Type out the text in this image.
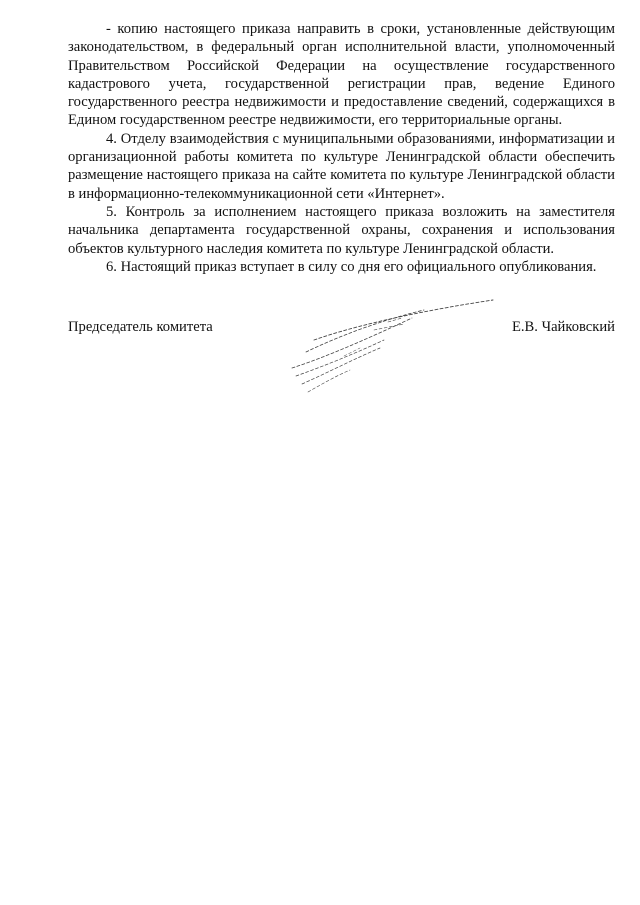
- копию настоящего приказа направить в сроки, установленные действующим законодательством, в федеральный орган исполнительной власти, уполномоченный Правительством Российской Федерации на осуществление государственного кадастрового учета, государственной регистрации прав, ведение Единого государственного реестра недвижимости и предоставление сведений, содержащихся в Едином государственном реестре недвижимости, его территориальные органы.

4. Отделу взаимодействия с муниципальными образованиями, информатизации и организационной работы комитета по культуре Ленинградской области обеспечить размещение настоящего приказа на сайте комитета по культуре Ленинградской области в информационно-телекоммуникационной сети «Интернет».

5. Контроль за исполнением настоящего приказа возложить на заместителя начальника департамента государственной охраны, сохранения и использования объектов культурного наследия комитета по культуре Ленинградской области.

6. Настоящий приказ вступает в силу со дня его официального опубликования.

Председатель комитета	Е.В. Чайковский
